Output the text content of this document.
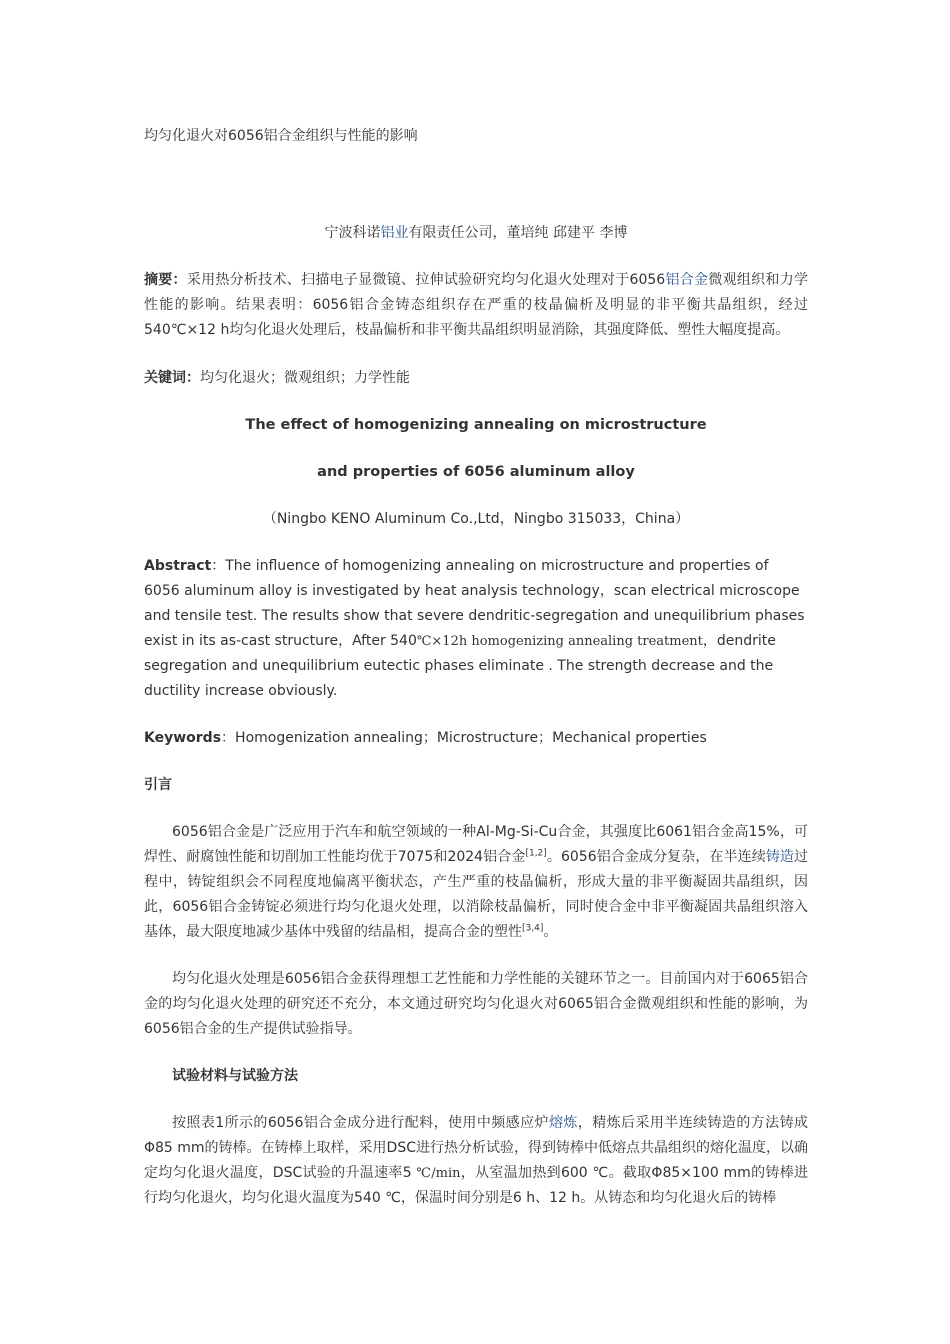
均匀化退火对6056铝合金组织与性能的影响
宁波科诺铝业有限责任公司，董培纯 邱建平 李博

摘要：采用热分析技术、扫描电子显微镜、拉伸试验研究均匀化退火处理对于6056铝合金微观组织和力学性能的影响。结果表明：6056铝合金铸态组织存在严重的枝晶偏析及明显的非平衡共晶组织，经过540℃×12 h均匀化退火处理后，枝晶偏析和非平衡共晶组织明显消除，其强度降低、塑性大幅度提高。

关键词：均匀化退火；微观组织；力学性能

The effect of homogenizing annealing on microstructure
and properties of 6056 aluminum alloy
（Ningbo KENO Aluminum Co.,Ltd，Ningbo 315033，China）

Abstract：The influence of homogenizing annealing on microstructure and properties of 6056 aluminum alloy is investigated by heat analysis technology，scan electrical microscope and tensile test. The results show that severe dendritic-segregation and unequilibrium phases exist in its as-cast structure，After 540℃×12h homogenizing annealing treatment，dendrite segregation and unequilibrium eutectic phases eliminate . The strength decrease and the ductility increase obviously.

Keywords：Homogenization annealing；Microstructure；Mechanical properties

引言

6056铝合金是广泛应用于汽车和航空领域的一种Al-Mg-Si-Cu合金，其强度比6061铝合金高15%，可焊性、耐腐蚀性能和切削加工性能均优于7075和2024铝合金[1,2]。6056铝合金成分复杂，在半连续铸造过程中，铸锭组织会不同程度地偏离平衡状态，产生严重的枝晶偏析，形成大量的非平衡凝固共晶组织，因此，6056铝合金铸锭必须进行均匀化退火处理，以消除枝晶偏析，同时使合金中非平衡凝固共晶组织溶入基体，最大限度地减少基体中残留的结晶相，提高合金的塑性[3,4]。

均匀化退火处理是6056铝合金获得理想工艺性能和力学性能的关键环节之一。目前国内对于6065铝合金的均匀化退火处理的研究还不充分，本文通过研究均匀化退火对6065铝合金微观组织和性能的影响，为6056铝合金的生产提供试验指导。

试验材料与试验方法

按照表1所示的6056铝合金成分进行配料，使用中频感应炉熔炼，精炼后采用半连续铸造的方法铸成Φ85 mm的铸棒。在铸棒上取样，采用DSC进行热分析试验，得到铸棒中低熔点共晶组织的熔化温度，以确定均匀化退火温度，DSC试验的升温速率5 ℃/min，从室温加热到600 ℃。截取Φ85×100 mm的铸棒进行均匀化退火，均匀化退火温度为540 ℃，保温时间分别是6 h、12 h。从铸态和均匀化退火后的铸棒
